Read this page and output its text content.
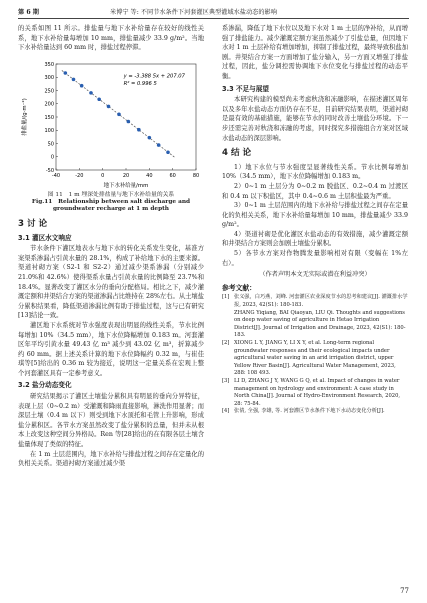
第 6 期	米博宁 等: 不同节水条件下河套灌区典型灌域水盐动态的影响

的关系如图 11 所示。排盐量与地下水补给量存在较好的线性关系，地下水补给量每增加 10 mm，排盐量减少 33.9 g/m²。当地下水补给量达到 60 mm 时，排盐过程停滞。

-40	-20	0	20	40	60	80
-50
0
50
100
150
200
250
300
350
地下水补给量/mm
排盐量/(g·m⁻²)
y = -3.388 5x + 207.07
R² = 0.996 5
图 11　1 m 埋深处排盐量与地下水补给量的关系
Fig.11　Relationship between salt discharge and
groundwater recharge at 1 m depth
3 讨 论
3.1 灌区水文响应

节水条件下灌区地表水与地下水的转化关系发生变化，基准方案渠系渗漏占引黄水量的 28.1%，构成了补给地下水的主要来源。渠道衬砌方案（S2-1 和 S2-2）通过减少渠系渗漏（分别减少 21.0%和 42.6%）使得渠系水量占引黄水量的比例降至 23.7%和 18.4%。显著改变了灌区水分的垂向分配格局。相比之下，减少灌溉定额和井渠结合方案的渠道渗漏占比维持在 28%左右。从土壤盐分累积结果看，降低渠道渗漏比例有助于排盐过程，这与已有研究[13]结论一致。

灌区地下水系统对节水强度表现出明显的线性关系，节水比例每增加 10%（34.5 mm），地下水位降幅增加 0.183 m。河套灌区年平均引黄水量 49.43 亿 m³ 减少到 43.02 亿 m³，折算减少约 60 mm。据上述关系计算的地下水位降幅约 0.32 m，与崔佳琪等[5]给出的 0.36 m 较为接近，说明这一定量关系在宏观上整个河套灌区具有一定参考意义。

3.2 盐分动态变化

研究结果揭示了灌区土壤盐分累积具有明显的垂向分异特征，表现上层（0~0.2 m）受灌溉和降雨直接影响，淋洗作用显著；而深层土壤（0.4 m 以下）则受到地下水顶托和毛管上升影响，形成盐分累积区。各节水方案虽然改变了盐分累积的总量，但并未从根本上改变这种空间分异格局。Ren 等[28]给出的在有限各层土壤含盐量体现了类似的特征。

在 1 m 土层范围内，地下水补给与排盐过程之间存在定量化的负相关关系。渠道衬砌方案通过减少渠

系渗漏，降低了地下水位以及地下水对 1 m 土层的净补给，从而增强了排盐能力。减少灌溉定额方案虽然减少了引盐总量，但因地下水对 1 m 土层补给有增加增加，抑制了排盐过程，最终导致积盐加剧。井渠结合方案一方面增加了盐分输入，另一方面又增强了排盐过程，因此，盐分调控需协调地下水位变化与排盐过程的动态平衡。

3.3 不足与展望

本研究构建的模型尚未考虑秋浇和冻融影响，在描述灌区周年以及多年水盐动态方面仍存在不足，目前研究结果表明，渠道衬砌是最有效的基础措施，能够在节水的同时改善土壤盐分环境。下一步还需完善对秋浇和冻融的考虑，同时探究多措施组合方案对区域水盐动态的深层影响。

4 结 论

1）地下水位与节水强度呈显著线性关系。节水比例每增加 10%（34.5 mm），地下水位降幅增加 0.183 m。

2）0~1 m 土层分为 0~0.2 m 脱盐区、0.2~0.4 m 过渡区和 0.4 m 以下积盐区，其中 0.4~0.6 m 土层积盐最为严重。

3）0~1 m 土层范围内的地下水补给与排盐过程之间存在定量化的负相关关系，地下水补给量每增加 10 mm，排盐量减少 33.9 g/m²。

4）渠道衬砌是优化灌区水盐动态的有效措施，减少灌溉定额和井渠结合方案则会加剧土壤盐分累积。

5）各节水方案对作物腾发量影响相对有限（变幅在 1%左右）。

（作者声明本文无实际或潜在利益冲突）
参考文献：
[1] 张义强，白巧燕，刘峰. 河套灌区农业深度节水的思考和建议[J]. 灌溉排水学报, 2023, 42(S1): 180-183.
ZHANG Yiqiang, BAI Qiaoyan, LIU Qi. Thoughts and suggestions on deep water saving of agriculture in Hetao Irrigation District[J]. Journal of Irrigation and Drainage, 2023, 42(S1): 180-183.
[2] XIONG L Y, JIANG Y, LI X Y, et al. Long-term regional groundwater responses and their ecological impacts under agricultural water saving in an arid irrigation district, upper Yellow River Basin[J]. Agricultural Water Management, 2023, 288: 108 493.
[3] LI D, ZHANG J Y, WANG G Q, et al. Impact of changes in water management on hydrology and environment: A case study in North China[J]. Journal of Hydro-Environment Research, 2020, 28: 75-84.
[4] 张倩, 全强, 李雄, 等. 河套灌区节水条件下地下水动态变化分析[J].
77
